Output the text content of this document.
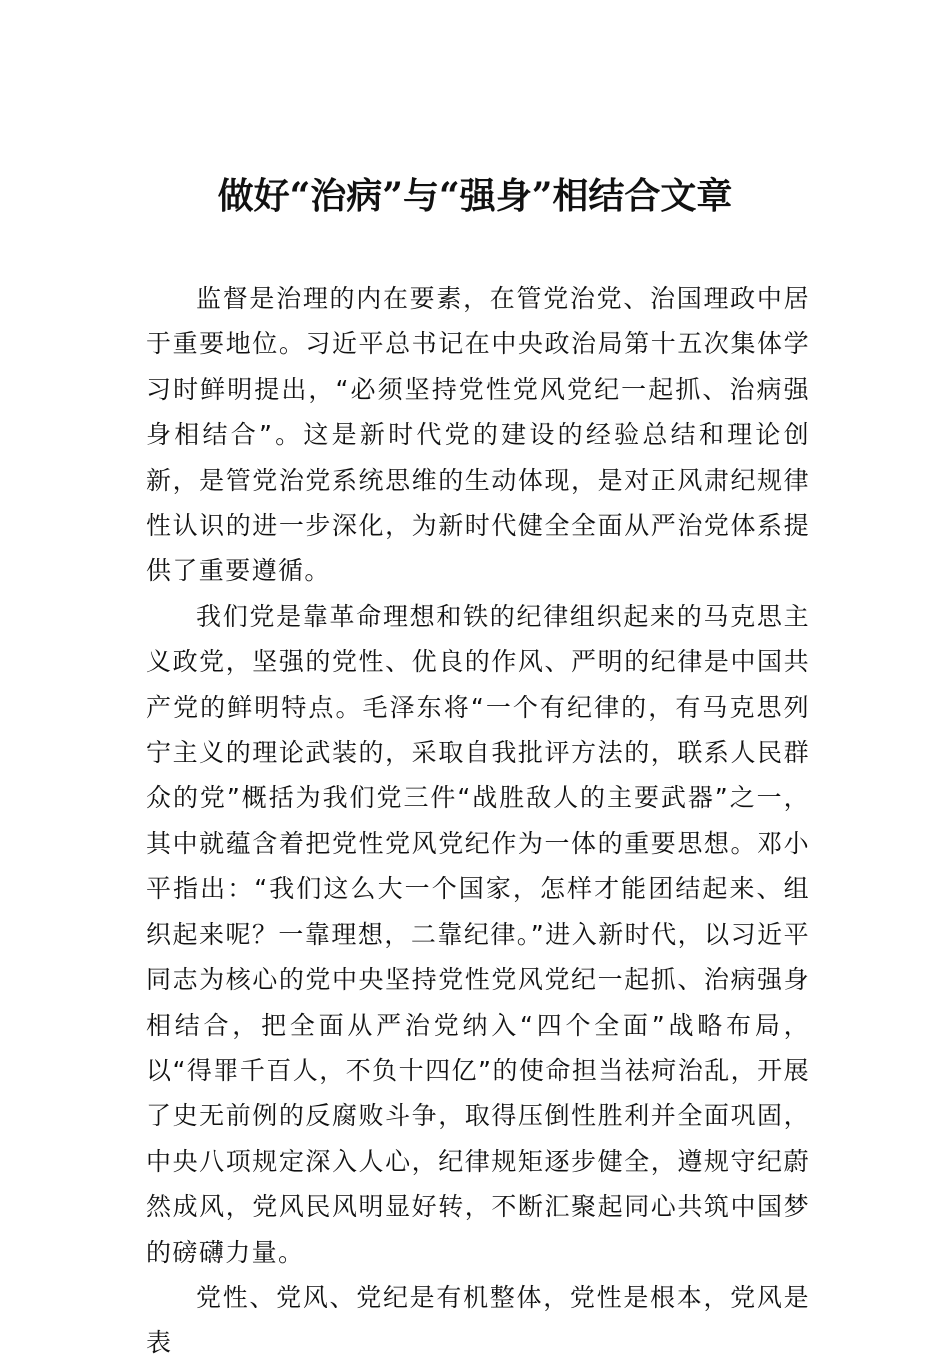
做好“治病”与“强身”相结合文章

监督是治理的内在要素，在管党治党、治国理政中居于重要地位。习近平总书记在中央政治局第十五次集体学习时鲜明提出，“必须坚持党性党风党纪一起抓、治病强身相结合”。这是新时代党的建设的经验总结和理论创新，是管党治党系统思维的生动体现，是对正风肃纪规律性认识的进一步深化，为新时代健全全面从严治党体系提供了重要遵循。

我们党是靠革命理想和铁的纪律组织起来的马克思主义政党，坚强的党性、优良的作风、严明的纪律是中国共产党的鲜明特点。毛泽东将“一个有纪律的，有马克思列宁主义的理论武装的，采取自我批评方法的，联系人民群众的党”概括为我们党三件“战胜敌人的主要武器”之一，其中就蕴含着把党性党风党纪作为一体的重要思想。邓小平指出：“我们这么大一个国家，怎样才能团结起来、组织起来呢？一靠理想，二靠纪律。”进入新时代，以习近平同志为核心的党中央坚持党性党风党纪一起抓、治病强身相结合，把全面从严治党纳入“四个全面”战略布局，以“得罪千百人，不负十四亿”的使命担当祛疴治乱，开展了史无前例的反腐败斗争，取得压倒性胜利并全面巩固，中央八项规定深入人心，纪律规矩逐步健全，遵规守纪蔚然成风，党风民风明显好转，不断汇聚起同心共筑中国梦的磅礴力量。

党性、党风、党纪是有机整体，党性是根本，党风是表
